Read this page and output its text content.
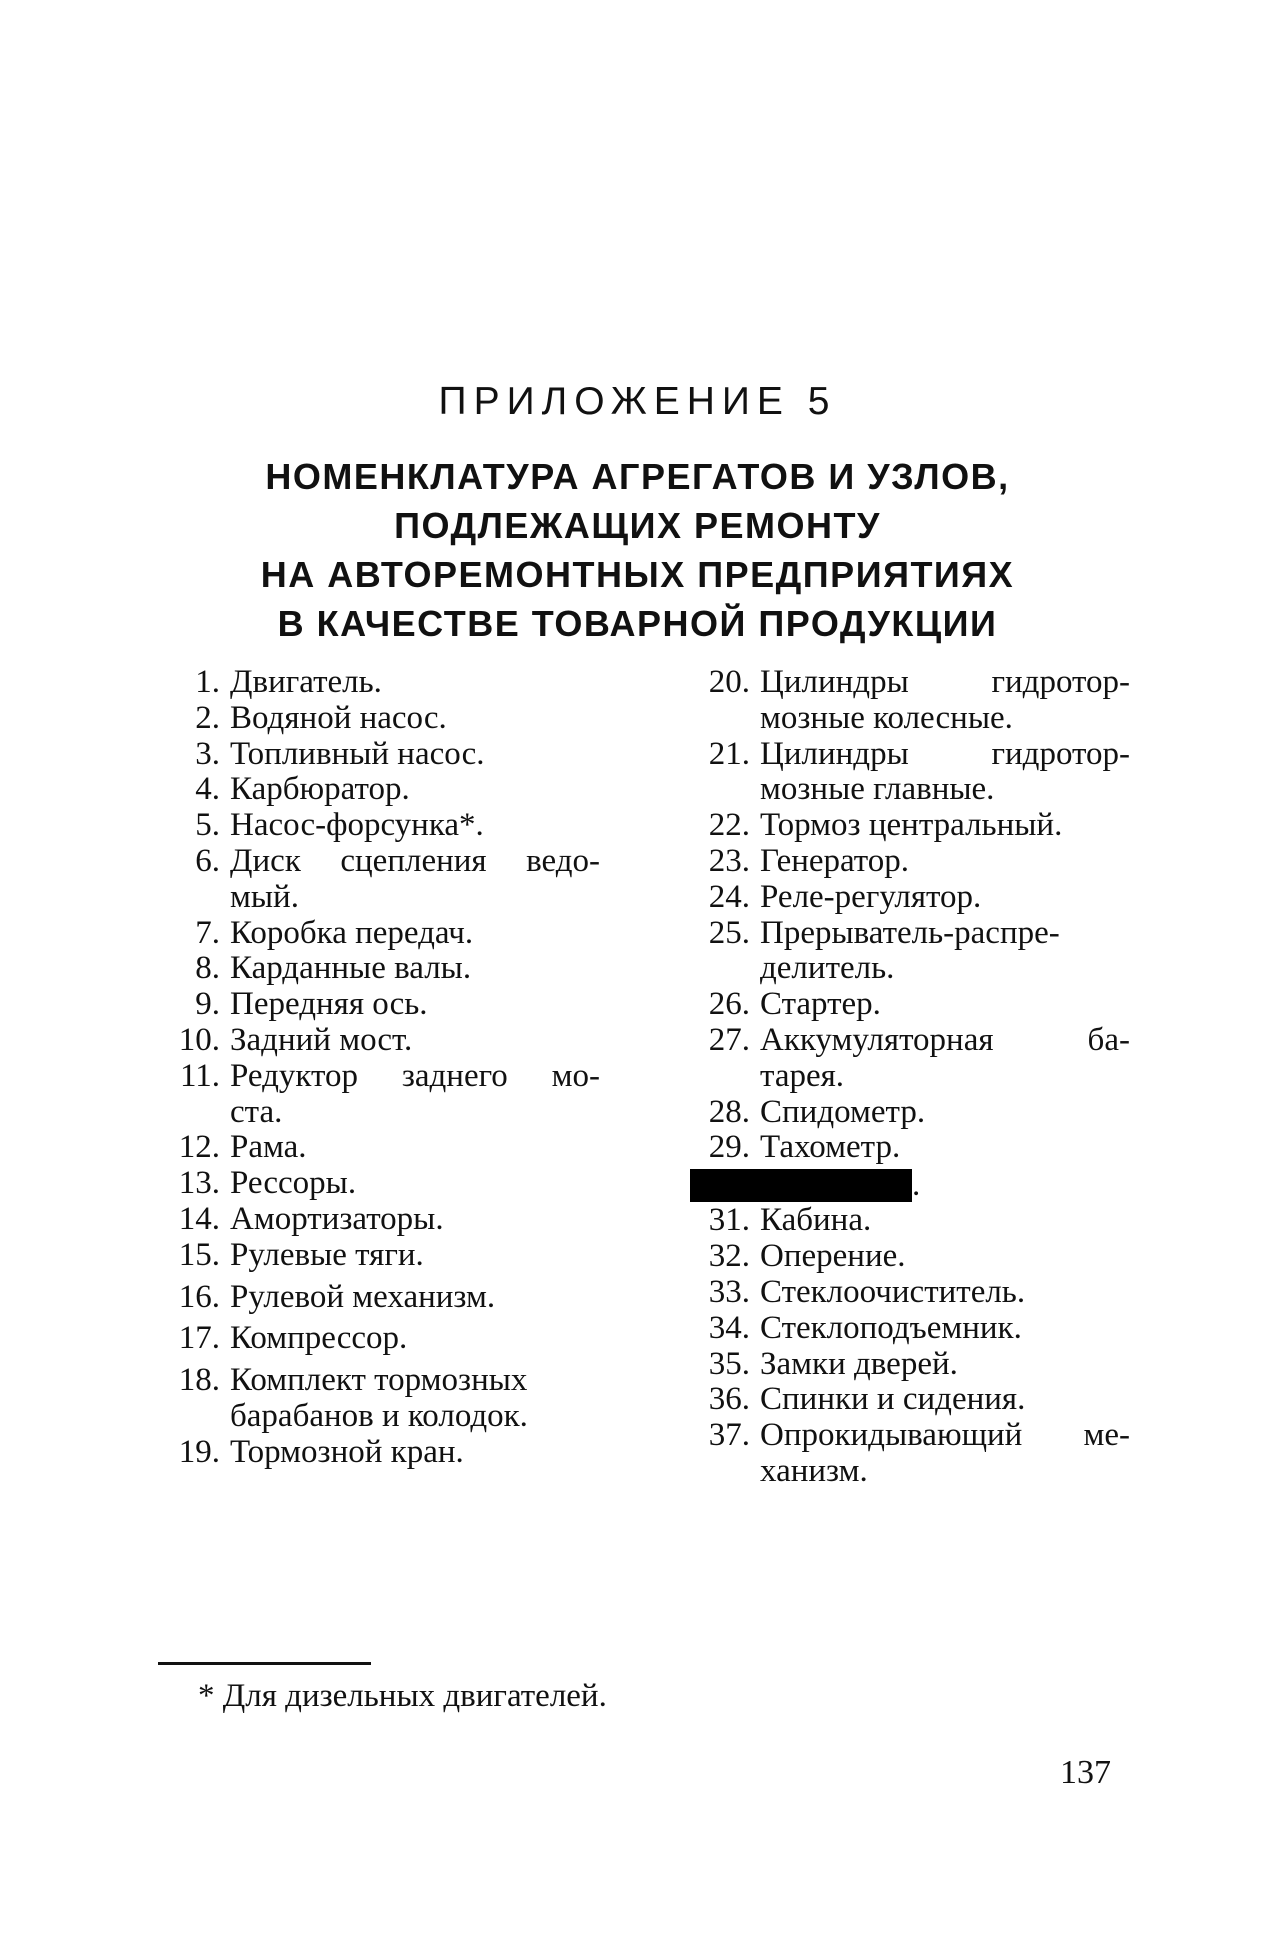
ПРИЛОЖЕНИЕ 5
НОМЕНКЛАТУРА АГРЕГАТОВ И УЗЛОВ,
ПОДЛЕЖАЩИХ РЕМОНТУ
НА АВТОРЕМОНТНЫХ ПРЕДПРИЯТИЯХ
В КАЧЕСТВЕ ТОВАРНОЙ ПРОДУКЦИИ
1. Двигатель.
2. Водяной насос.
3. Топливный насос.
4. Карбюратор.
5. Насос-форсунка*.
6. Диск сцепления ведо-
мый.
7. Коробка передач.
8. Карданные валы.
9. Передняя ось.
10. Задний мост.
11. Редуктор заднего мо-
ста.
12. Рама.
13. Рессоры.
14. Амортизаторы.
15. Рулевые тяги.
16. Рулевой механизм.
17. Компрессор.
18. Комплект тормозных
барабанов и колодок.
19. Тормозной кран.
20. Цилиндры гидротор-
мозные колесные.
21. Цилиндры гидротор-
мозные главные.
22. Тормоз центральный.
23. Генератор.
24. Реле-регулятор.
25. Прерыватель-распре-
делитель.
26. Стартер.
27. Аккумуляторная ба-
тарея.
28. Спидометр.
29. Тахометр.
.
31. Кабина.
32. Оперение.
33. Стеклоочиститель.
34. Стеклоподъемник.
35. Замки дверей.
36. Спинки и сидения.
37. Опрокидывающий ме-
ханизм.
* Для дизельных двигателей.
137
